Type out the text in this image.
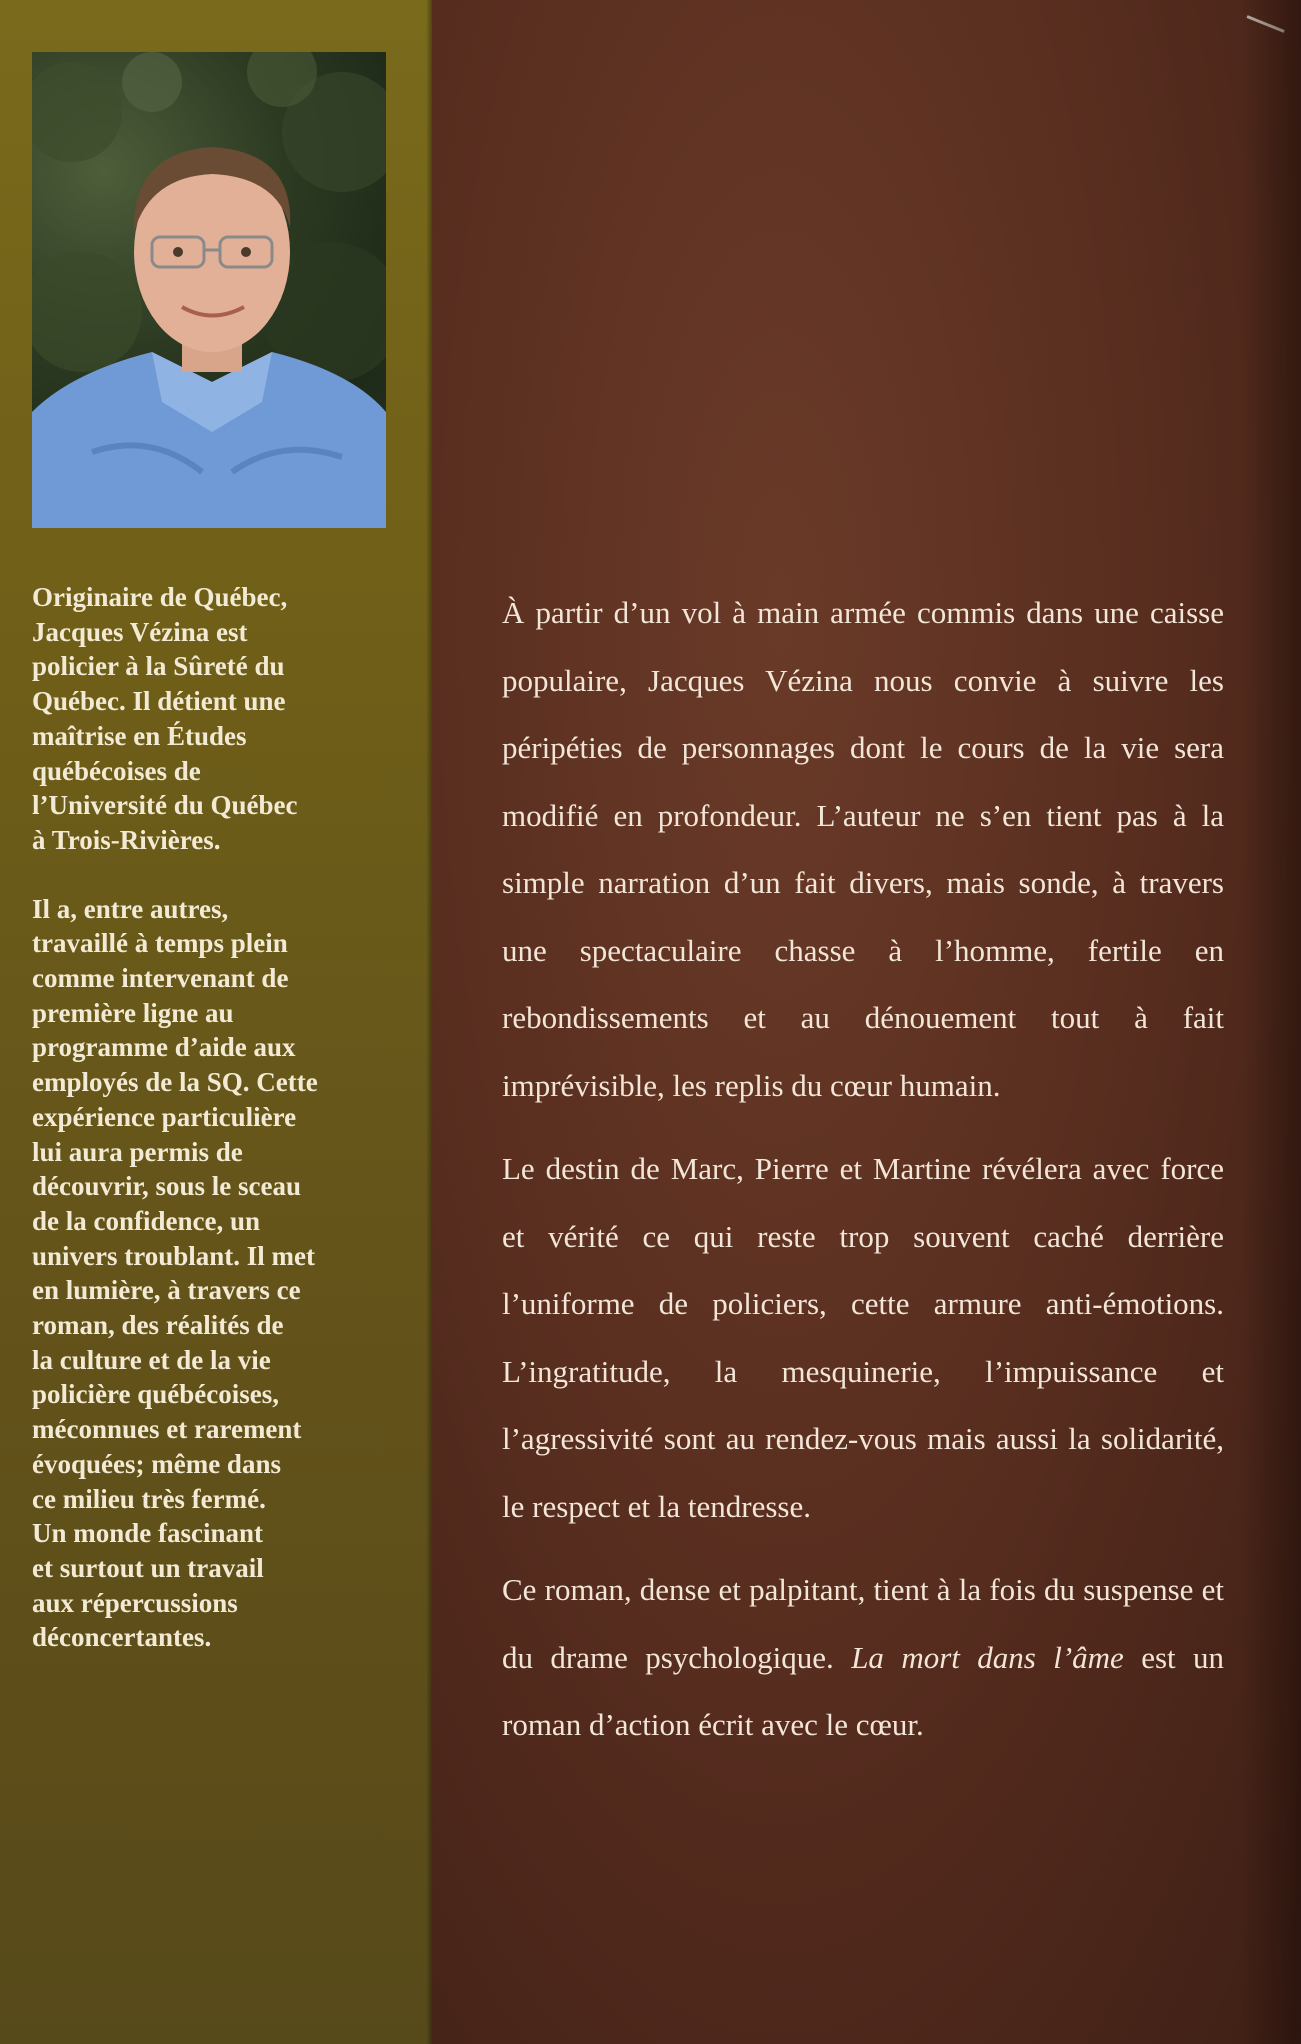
Originaire de Québec,
Jacques Vézina est
policier à la Sûreté du
Québec. Il détient une
maîtrise en Études
québécoises de
l’Université du Québec
à Trois-Rivières.

Il a, entre autres,
travaillé à temps plein
comme intervenant de
première ligne au
programme d’aide aux
employés de la SQ. Cette
expérience particulière
lui aura permis de
découvrir, sous le sceau
de la confidence, un
univers troublant. Il met
en lumière, à travers ce
roman, des réalités de
la culture et de la vie
policière québécoises,
méconnues et rarement
évoquées; même dans
ce milieu très fermé.
Un monde fascinant
et surtout un travail
aux répercussions
déconcertantes.

À partir d’un vol à main armée commis dans une caisse populaire, Jacques Vézina nous convie à suivre les péripéties de personnages dont le cours de la vie sera modifié en profondeur. L’auteur ne s’en tient pas à la simple narration d’un fait divers, mais sonde, à travers une spectaculaire chasse à l’homme, fertile en rebondissements et au dénouement tout à fait imprévisible, les replis du cœur humain.

Le destin de Marc, Pierre et Martine révélera avec force et vérité ce qui reste trop souvent caché derrière l’uniforme de policiers, cette armure anti-émotions. L’ingratitude, la mesquinerie, l’impuissance et l’agressivité sont au rendez-vous mais aussi la solidarité, le respect et la tendresse.

Ce roman, dense et palpitant, tient à la fois du suspense et du drame psychologique. La mort dans l’âme est un roman d’action écrit avec le cœur.
